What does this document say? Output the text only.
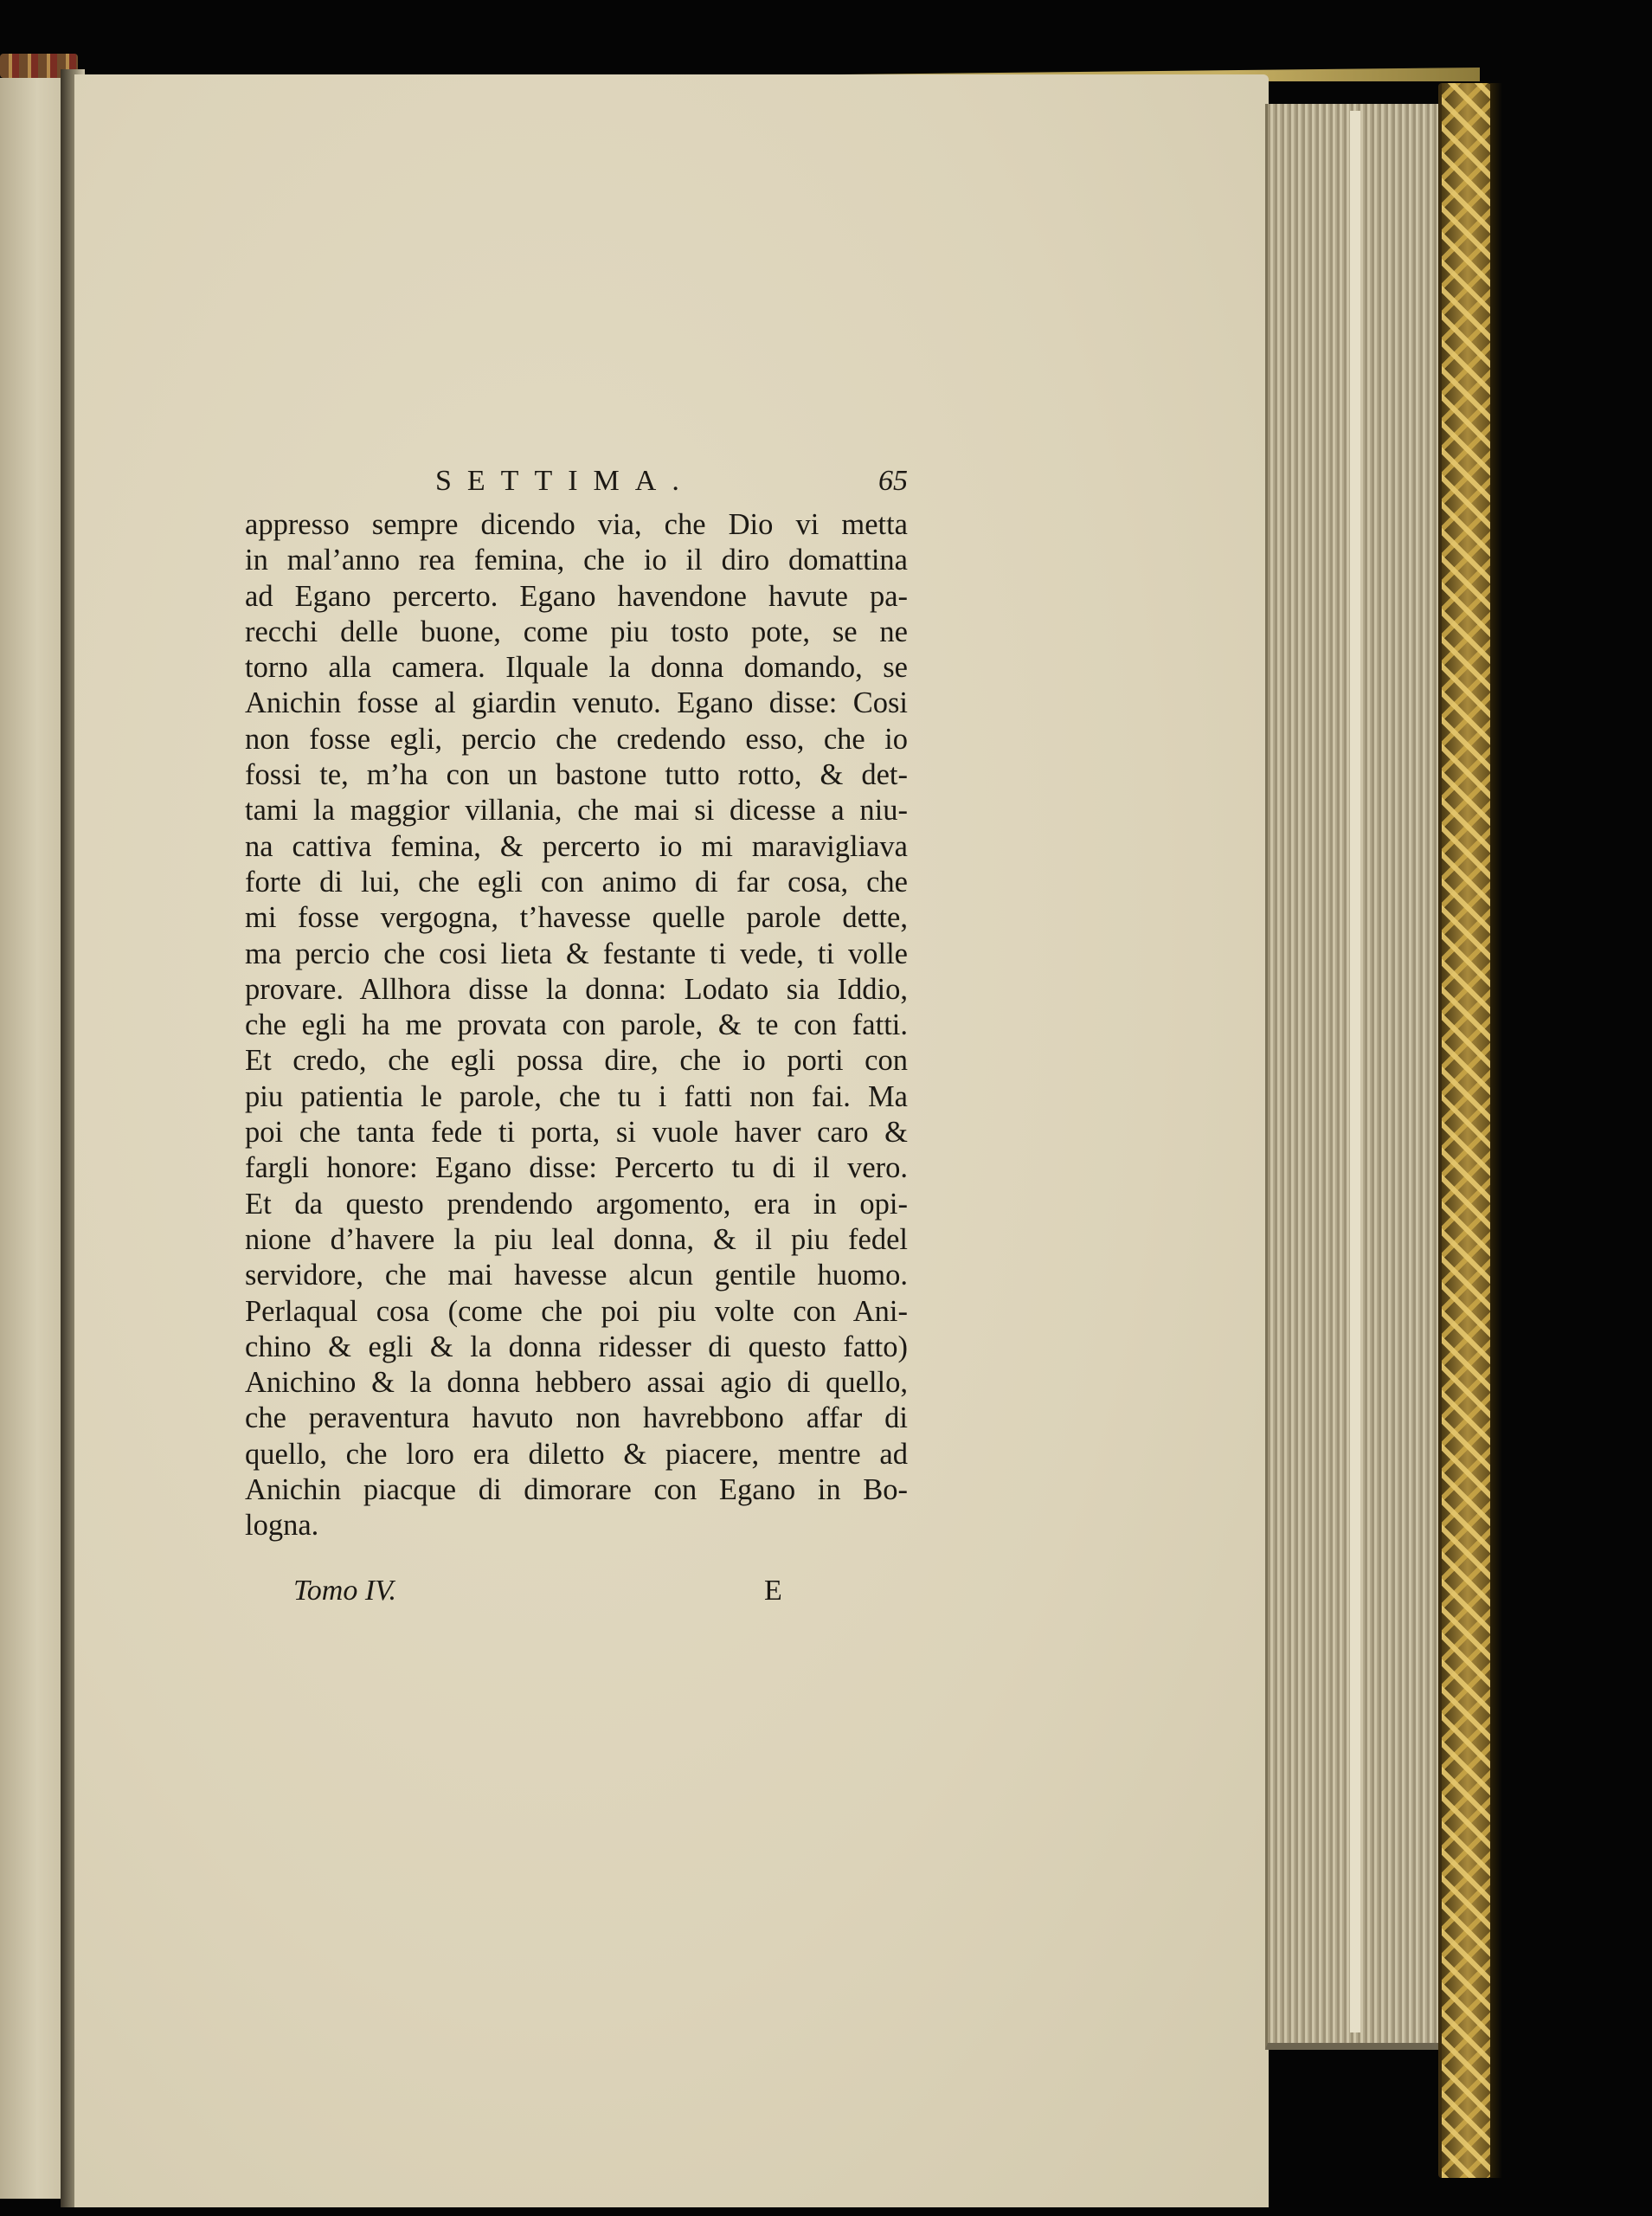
SETTIMA.	65
appresso sempre dicendo via, che Dio vi metta
in mal’anno rea femina, che io il diro domattina
ad Egano percerto. Egano havendone havute pa-
recchi delle buone, come piu tosto pote, se ne
torno alla camera. Ilquale la donna domando, se
Anichin fosse al giardin venuto. Egano disse: Cosi
non fosse egli, percio che credendo esso, che io
fossi te, m’ha con un bastone tutto rotto, & det-
tami la maggior villania, che mai si dicesse a niu-
na cattiva femina, & percerto io mi maravigliava
forte di lui, che egli con animo di far cosa, che
mi fosse vergogna, t’havesse quelle parole dette,
ma percio che cosi lieta & festante ti vede, ti volle
provare. Allhora disse la donna: Lodato sia Iddio,
che egli ha me provata con parole, & te con fatti.
Et credo, che egli possa dire, che io porti con
piu patientia le parole, che tu i fatti non fai. Ma
poi che tanta fede ti porta, si vuole haver caro &
fargli honore: Egano disse: Percerto tu di il vero.
Et da questo prendendo argomento, era in opi-
nione d’havere la piu leal donna, & il piu fedel
servidore, che mai havesse alcun gentile huomo.
Perlaqual cosa (come che poi piu volte con Ani-
chino & egli & la donna ridesser di questo fatto)
Anichino & la donna hebbero assai agio di quello,
che peraventura havuto non havrebbono affar di
quello, che loro era diletto & piacere, mentre ad
Anichin piacque di dimorare con Egano in Bo-
logna.
Tomo IV.	E
